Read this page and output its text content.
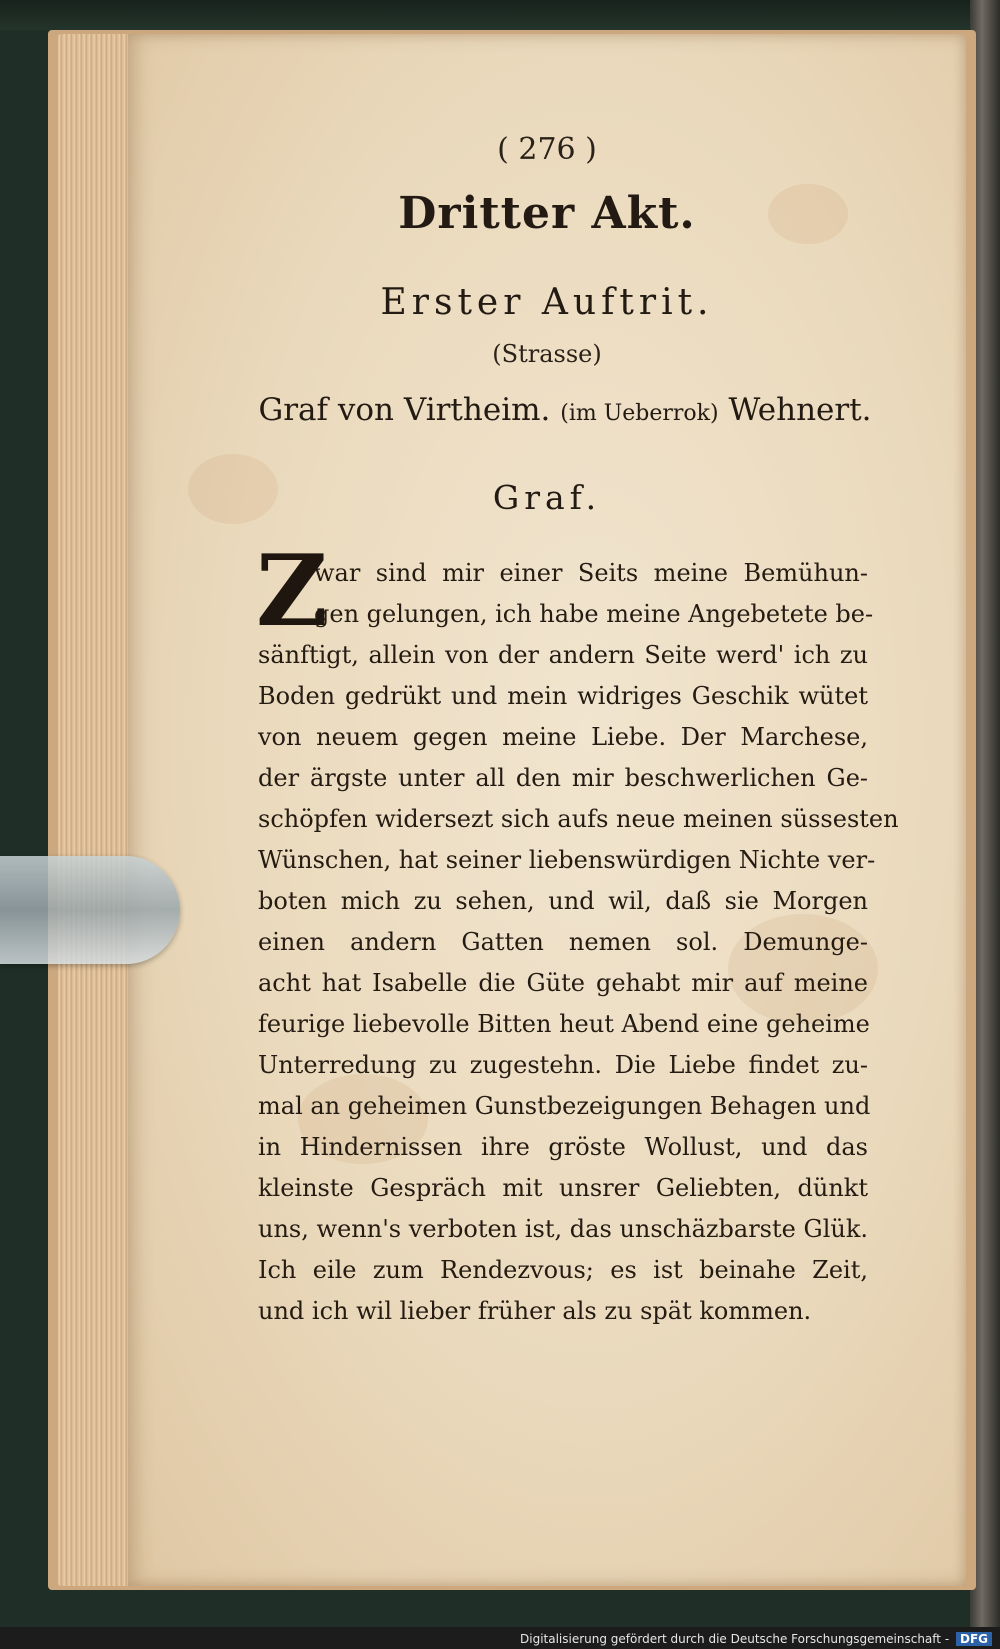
( 276 )
Dritter Akt.
Erster Auftrit.
(Strasse)
Graf von Virtheim. (im Ueberrok) Wehnert.
Graf.
Z
war sind mir einer Seits meine Bemühun-
gen gelungen, ich habe meine Angebetete be-
sänftigt, allein von der andern Seite werd' ich zu
Boden gedrükt und mein widriges Geschik wütet
von neuem gegen meine Liebe. Der Marchese,
der ärgste unter all den mir beschwerlichen Ge-
schöpfen widersezt sich aufs neue meinen süssesten
Wünschen, hat seiner liebenswürdigen Nichte ver-
boten mich zu sehen, und wil, daß sie Morgen
einen andern Gatten nemen sol. Demunge-
acht hat Isabelle die Güte gehabt mir auf meine
feurige liebevolle Bitten heut Abend eine geheime
Unterredung zu zugestehn. Die Liebe findet zu-
mal an geheimen Gunstbezeigungen Behagen und
in Hindernissen ihre gröste Wollust, und das
kleinste Gespräch mit unsrer Geliebten, dünkt
uns, wenn's verboten ist, das unschäzbarste Glük.
Ich eile zum Rendezvous; es ist beinahe Zeit,
und ich wil lieber früher als zu spät kommen.
Digitalisierung gefördert durch die Deutsche Forschungsgemeinschaft - DFG
